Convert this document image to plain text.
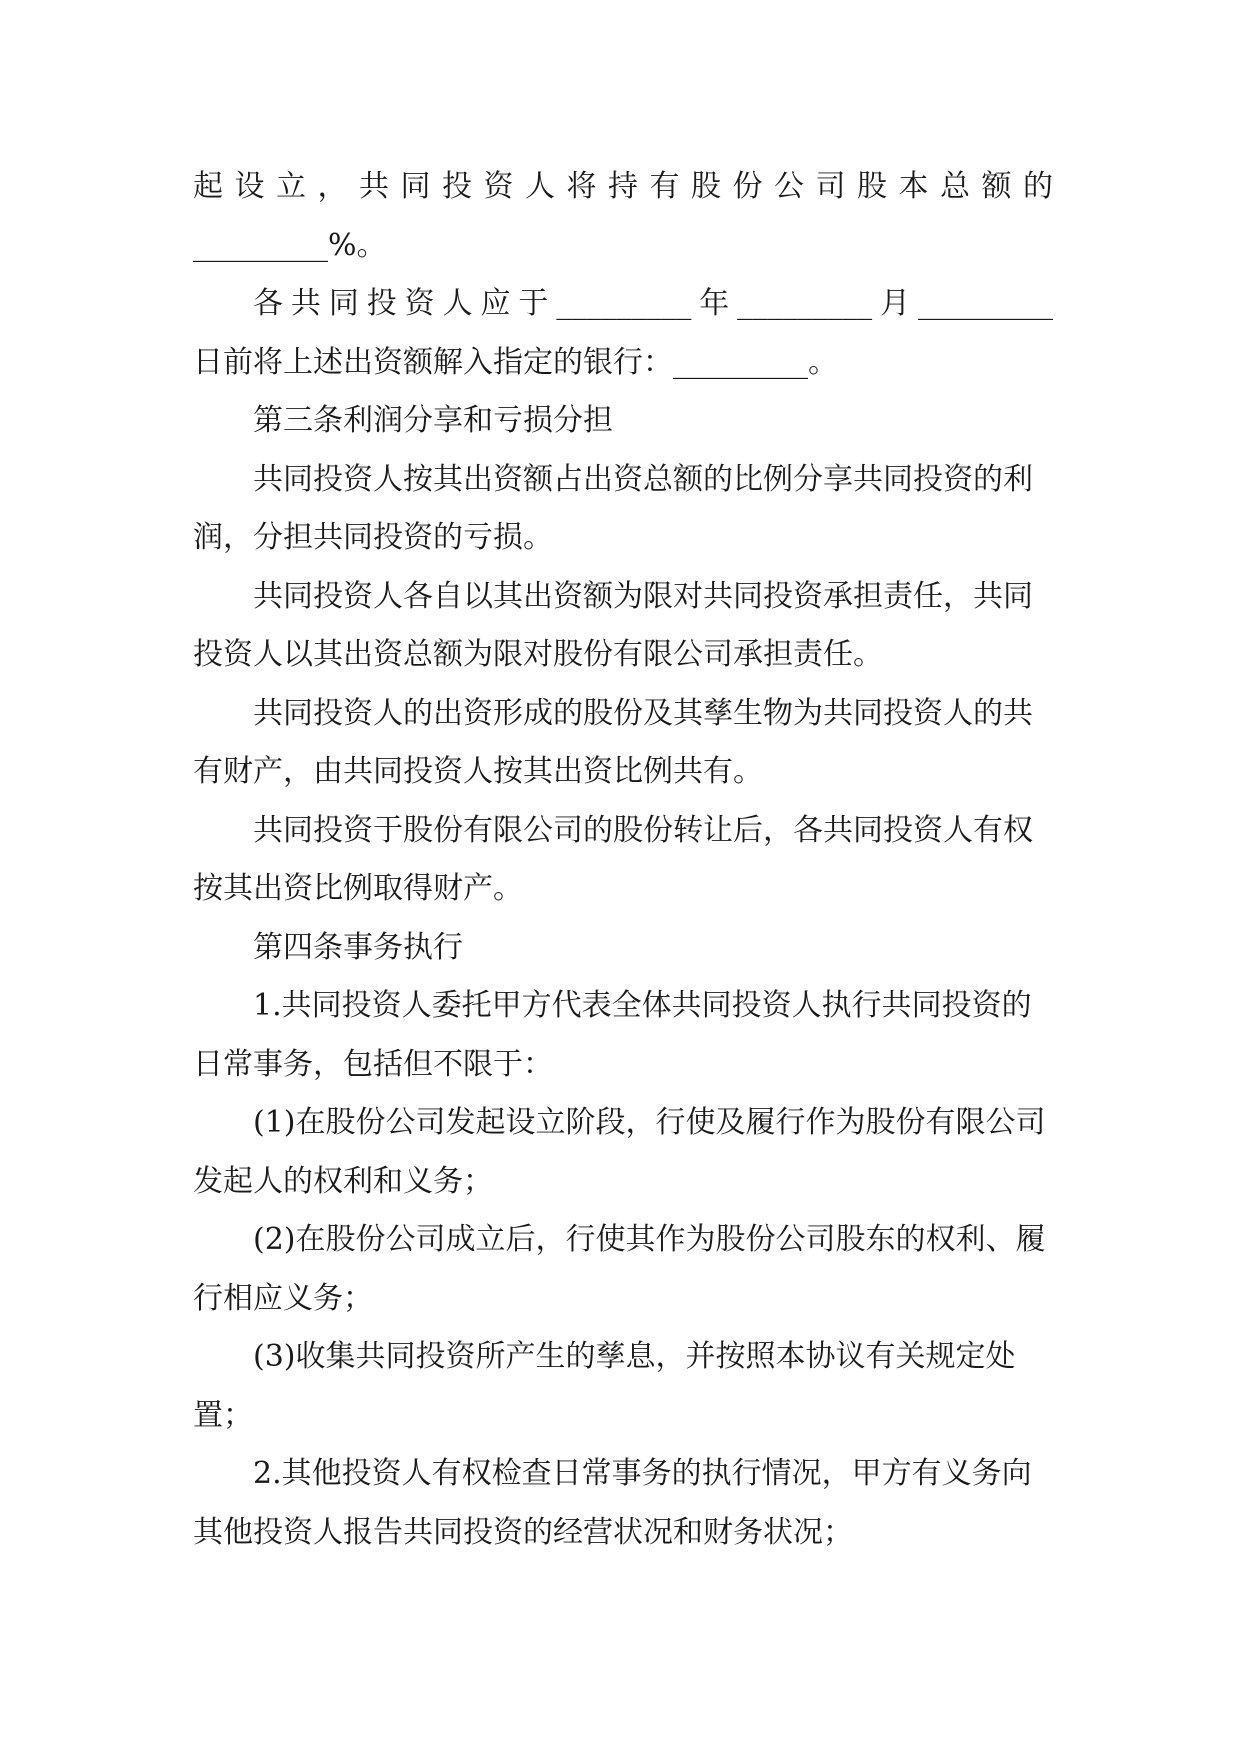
起设立，共同投资人将持有股份公司股本总额的

_________%。

各共同投资人应于_________年_________月_________

日前将上述出资额解入指定的银行：_________。

第三条利润分享和亏损分担

共同投资人按其出资额占出资总额的比例分享共同投资的利润，分担共同投资的亏损。

共同投资人各自以其出资额为限对共同投资承担责任，共同投资人以其出资总额为限对股份有限公司承担责任。

共同投资人的出资形成的股份及其孳生物为共同投资人的共有财产，由共同投资人按其出资比例共有。

共同投资于股份有限公司的股份转让后，各共同投资人有权按其出资比例取得财产。

第四条事务执行

1.共同投资人委托甲方代表全体共同投资人执行共同投资的日常事务，包括但不限于：

(1)在股份公司发起设立阶段，行使及履行作为股份有限公司发起人的权利和义务；

(2)在股份公司成立后，行使其作为股份公司股东的权利、履行相应义务；

(3)收集共同投资所产生的孳息，并按照本协议有关规定处置；

2.其他投资人有权检查日常事务的执行情况，甲方有义务向其他投资人报告共同投资的经营状况和财务状况；
